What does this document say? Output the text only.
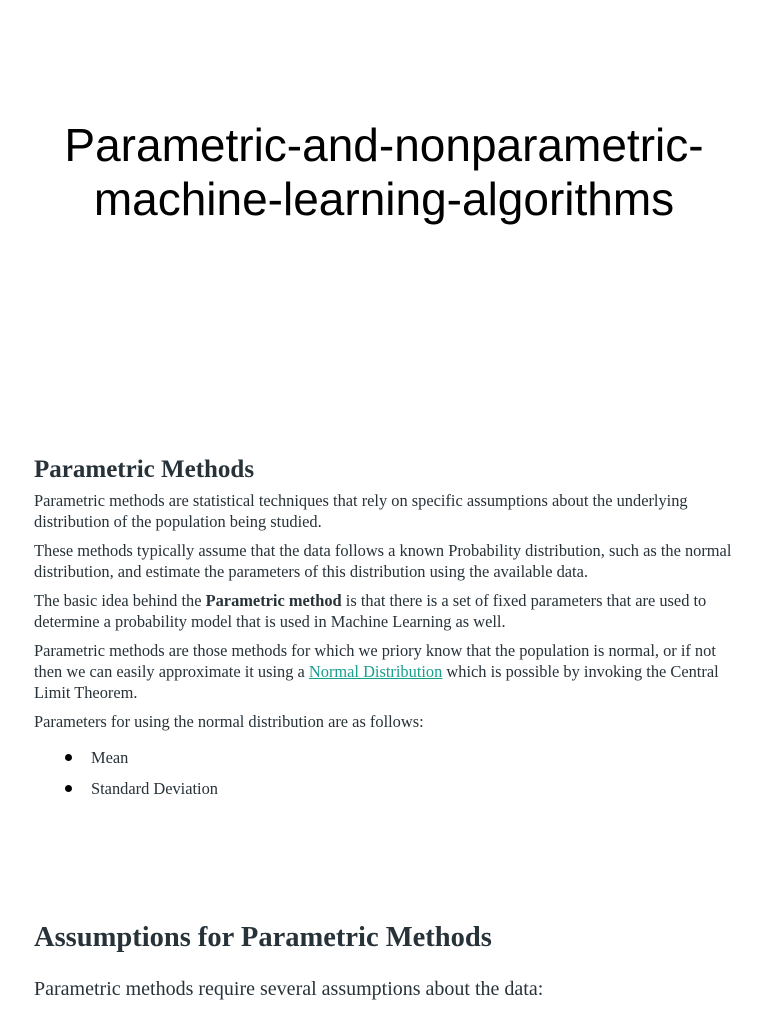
Parametric-and-nonparametric-
machine-learning-algorithms
Parametric Methods

Parametric methods are statistical techniques that rely on specific assumptions about the underlying distribution of the population being studied.

These methods typically assume that the data follows a known Probability distribution, such as the normal distribution, and estimate the parameters of this distribution using the available data.

The basic idea behind the Parametric method is that there is a set of fixed parameters that are used to determine a probability model that is used in Machine Learning as well.

Parametric methods are those methods for which we priory know that the population is normal, or if not then we can easily approximate it using a Normal Distribution which is possible by invoking the Central Limit Theorem.

Parameters for using the normal distribution are as follows:

Mean
Standard Deviation
Assumptions for Parametric Methods

Parametric methods require several assumptions about the data:
